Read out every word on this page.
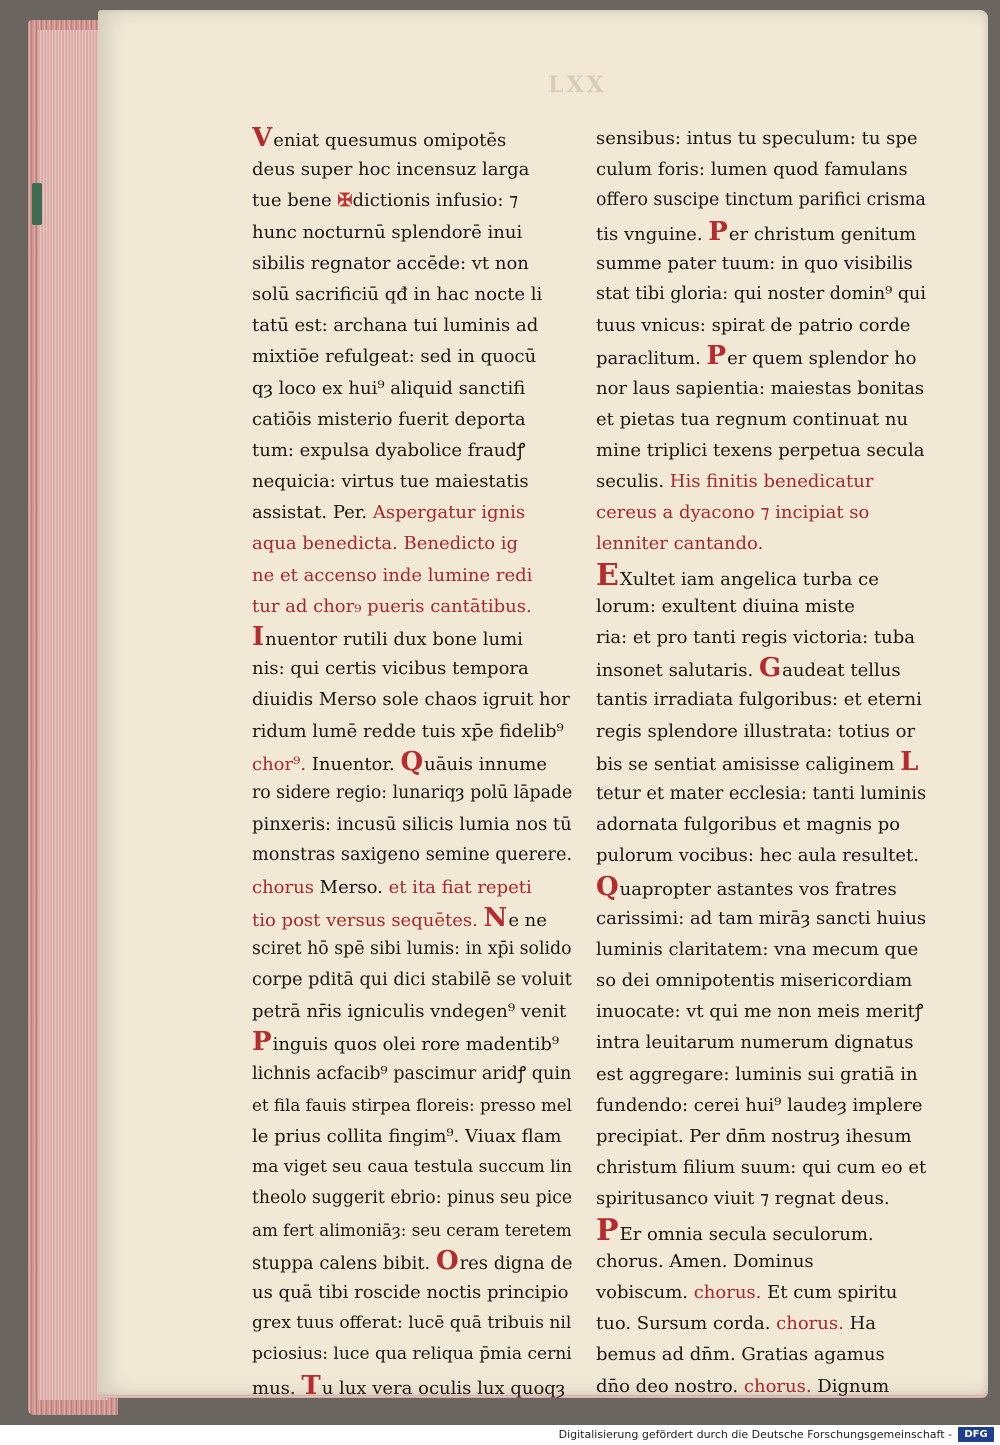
LXX
Veniat quesumus omipotēs
deus super hoc incensuz larga
tue bene ✠dictionis infusio: ⁊
hunc nocturnū splendorē inui
sibilis regnator accēde: vt non
solū sacrificiū qđ in hac nocte li
tatū est: archana tui luminis ad
mixtiōe refulgeat: sed in quocū
qȝ loco ex hui⁹ aliquid sanctifi
catiōis misterio fuerit deporta
tum: expulsa dyabolice fraudꝭ
nequicia: virtus tue maiestatis
assistat. Per. Aspergatur ignis
aqua benedicta. Benedicto ig
ne et accenso inde lumine redi
tur ad chor₉ pueris cantātibus.
Inuentor rutili dux bone lumi
nis: qui certis vicibus tempora
diuidis Merso sole chaos igruit hor
ridum lumē redde tuis xp̄e fidelib⁹
chor⁹. Inuentor. Quāuis innume
ro sidere regio: lunariqȝ polū lāpade
pinxeris: incusū silicis lumia nos tū
monstras saxigeno semine querere.
chorus Merso. et ita fiat repeti
tio post versus sequētes. Ne ne
sciret hō spē sibi lumis: in xp̄i solido
corpe pditā qui dici stabilē se voluit
petrā nr̄is igniculis vndegen⁹ venit
Pinguis quos olei rore madentib⁹
lichnis acfacib⁹ pascimur aridꝭ quin
et fila fauis stirpea floreis: presso mel
le prius collita fingim⁹. Viuax flam
ma viget seu caua testula succum lin
theolo suggerit ebrio: pinus seu pice
am fert alimoniāȝ: seu ceram teretem
stuppa calens bibit. Ores digna de
us quā tibi roscide noctis principio
grex tuus offerat: lucē quā tribuis nil
pciosius: luce qua reliqua p̄mia cerni
mus. Tu lux vera oculis lux quoqȝ
sensibus: intus tu speculum: tu spe
culum foris: lumen quod famulans
offero suscipe tinctum parifici crisma
tis vnguine. Per christum genitum
summe pater tuum: in quo visibilis
stat tibi gloria: qui noster domin⁹ qui
tuus vnicus: spirat de patrio corde
paraclitum. Per quem splendor ho
nor laus sapientia: maiestas bonitas
et pietas tua regnum continuat nu
mine triplici texens perpetua secula
seculis. His finitis benedicatur
cereus a dyacono ⁊ incipiat so
lenniter cantando.
EXultet iam angelica turba ce
lorum: exultent diuina miste
ria: et pro tanti regis victoria: tuba
insonet salutaris. Gaudeat tellus
tantis irradiata fulgoribus: et eterni
regis splendore illustrata: totius or
bis se sentiat amisisse caliginem L
tetur et mater ecclesia: tanti luminis
adornata fulgoribus et magnis po
pulorum vocibus: hec aula resultet.
Quapropter astantes vos fratres
carissimi: ad tam mirāȝ sancti huius
luminis claritatem: vna mecum que
so dei omnipotentis misericordiam
inuocate: vt qui me non meis meritꝭ
intra leuitarum numerum dignatus
est aggregare: luminis sui gratiā in
fundendo: cerei hui⁹ laudeȝ implere
precipiat. Per dn̄m nostruȝ ihesum
christum filium suum: qui cum eo et
spiritusanco viuit ⁊ regnat deus.
PEr omnia secula seculorum.
chorus. Amen. Dominus
vobiscum. chorus. Et cum spiritu
tuo. Sursum corda. chorus. Ha
bemus ad dn̄m. Gratias agamus
dn̄o deo nostro. chorus. Dignum
Digitalisierung gefördert durch die Deutsche Forschungsgemeinschaft -	DFG
